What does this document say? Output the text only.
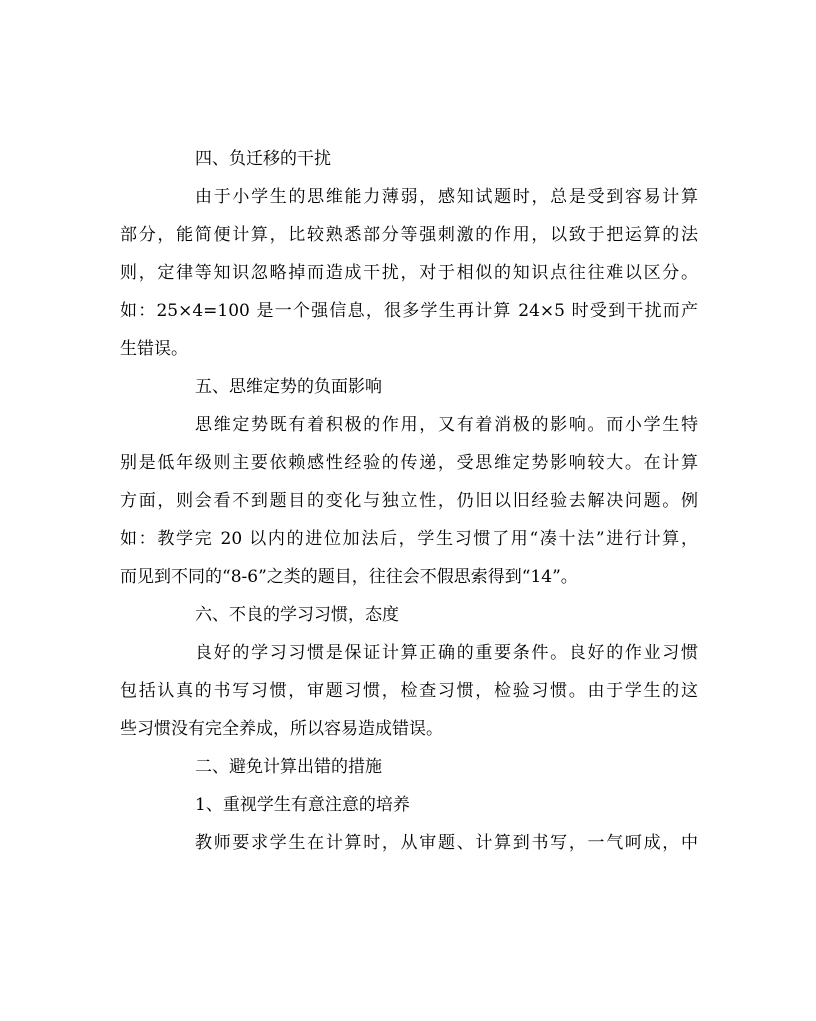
四、负迁移的干扰

由于小学生的思维能力薄弱，感知试题时，总是受到容易计算

部分，能简便计算，比较熟悉部分等强刺激的作用，以致于把运算的法

则，定律等知识忽略掉而造成干扰，对于相似的知识点往往难以区分。

如：25×4=100 是一个强信息，很多学生再计算 24×5 时受到干扰而产

生错误。

五、思维定势的负面影响

思维定势既有着积极的作用，又有着消极的影响。而小学生特

别是低年级则主要依赖感性经验的传递，受思维定势影响较大。在计算

方面，则会看不到题目的变化与独立性，仍旧以旧经验去解决问题。例

如：教学完 20 以内的进位加法后，学生习惯了用“凑十法”进行计算，

而见到不同的“8-6”之类的题目，往往会不假思索得到“14”。

六、不良的学习习惯，态度

良好的学习习惯是保证计算正确的重要条件。良好的作业习惯

包括认真的书写习惯，审题习惯，检查习惯，检验习惯。由于学生的这

些习惯没有完全养成，所以容易造成错误。

二、避免计算出错的措施

1、重视学生有意注意的培养

教师要求学生在计算时，从审题、计算到书写，一气呵成，中
